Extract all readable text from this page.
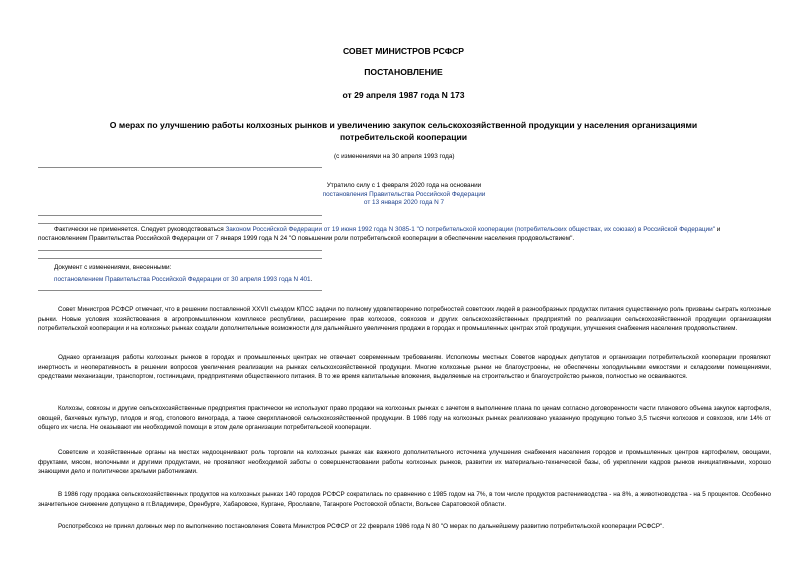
СОВЕТ МИНИСТРОВ РСФСР
ПОСТАНОВЛЕНИЕ
от 29 апреля 1987 года N 173
О мерах по улучшению работы колхозных рынков и увеличению закупок сельскохозяйственной продукции у населения организациями потребительской кооперации
(с изменениями на 30 апреля 1993 года)
Утратило силу с 1 февраля 2020 года на основании
постановления Правительства Российской Федерации
от 13 января 2020 года N 7
Фактически не применяется. Следует руководствоваться Законом Российской Федерации от 19 июня 1992 года N 3085-1 "О потребительской кооперации (потребительских обществах, их союзах) в Российской Федерации" и постановлением Правительства Российской Федерации от 7 января 1999 года N 24 "О повышении роли потребительской кооперации в обеспечении населения продовольствием".
Документ с изменениями, внесенными:
постановлением Правительства Российской Федерации от 30 апреля 1993 года N 401.

Совет Министров РСФСР отмечает, что в решении поставленной XXVII съездом КПСС задачи по полному удовлетворению потребностей советских людей в разнообразных продуктах питания существенную роль призваны сыграть колхозные рынки. Новые условия хозяйствования в агропромышленном комплексе республики, расширение прав колхозов, совхозов и других сельскохозяйственных предприятий по реализации сельскохозяйственной продукции организациям потребительской кооперации и на колхозных рынках создали дополнительные возможности для дальнейшего увеличения продажи в городах и промышленных центрах этой продукции, улучшения снабжения населения продовольствием.

Однако организация работы колхозных рынков в городах и промышленных центрах не отвечает современным требованиям. Исполкомы местных Советов народных депутатов и организации потребительской кооперации проявляют инертность и неоперативность в решении вопросов увеличения реализации на рынках сельскохозяйственной продукции. Многие колхозные рынки не благоустроены, не обеспечены холодильными емкостями и складскими помещениями, средствами механизации, транспортом, гостиницами, предприятиями общественного питания. В то же время капитальные вложения, выделяемые на строительство и благоустройство рынков, полностью не осваиваются.

Колхозы, совхозы и другие сельскохозяйственные предприятия практически не используют право продажи на колхозных рынках с зачетом в выполнение плана по ценам согласно договоренности части планового объема закупок картофеля, овощей, бахчевых культур, плодов и ягод, столового винограда, а также сверхплановой сельскохозяйственной продукции. В 1986 году на колхозных рынках реализовано указанную продукцию только 3,5 тысячи колхозов и совхозов, или 14% от общего их числа. Не оказывают им необходимой помощи в этом деле организации потребительской кооперации.

Советские и хозяйственные органы на местах недооценивают роль торговли на колхозных рынках как важного дополнительного источника улучшения снабжения населения городов и промышленных центров картофелем, овощами, фруктами, мясом, молочными и другими продуктами, не проявляют необходимой заботы о совершенствовании работы колхозных рынков, развитии их материально-технической базы, об укреплении кадров рынков инициативными, хорошо знающими дело и политически зрелыми работниками.

В 1986 году продажа сельскохозяйственных продуктов на колхозных рынках 140 городов РСФСР сократилась по сравнению с 1985 годом на 7%, в том числе продуктов растениеводства - на 8%, а животноводства - на 5 процентов. Особенно значительное снижение допущено в гг.Владимире, Оренбурге, Хабаровске, Кургане, Ярославле, Таганроге Ростовской области, Вольске Саратовской области.

Роспотребсоюз не принял должных мер по выполнению постановления Совета Министров РСФСР от 22 февраля 1986 года N 80 "О мерах по дальнейшему развитию потребительской кооперации РСФСР".
